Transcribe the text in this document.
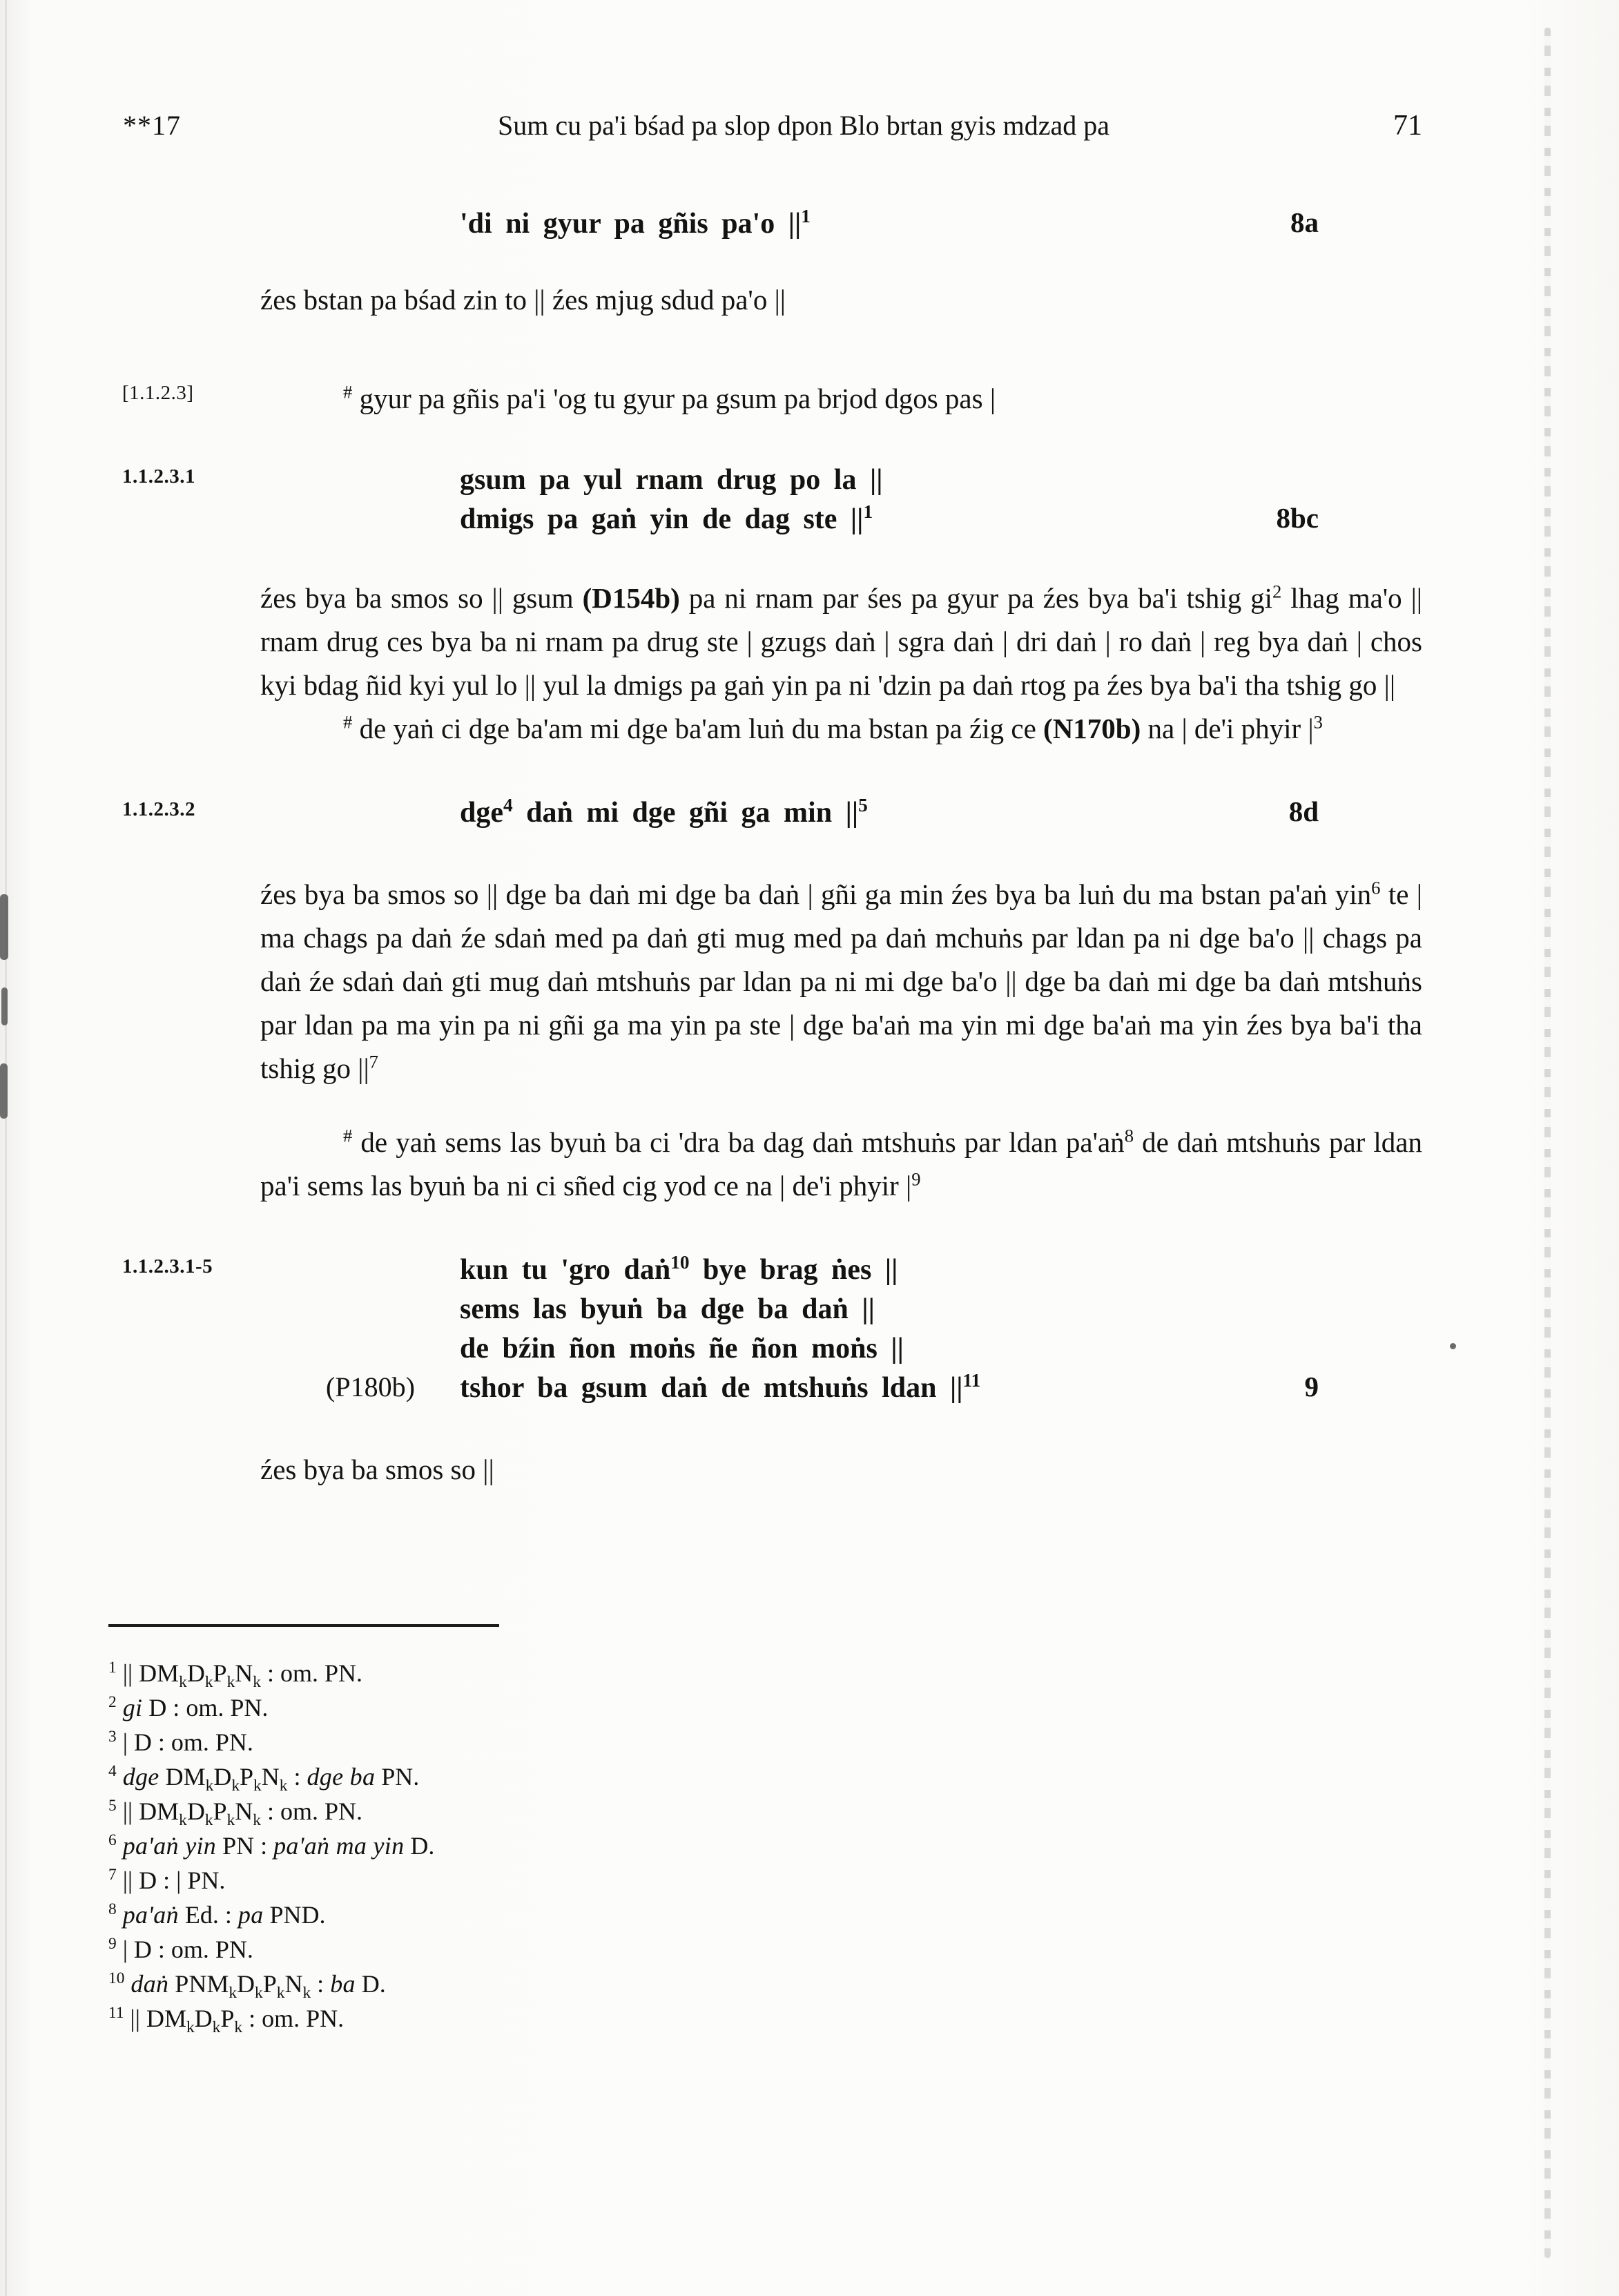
**17	Sum cu pa'i bśad pa slop dpon Blo brtan gyis mdzad pa	71
'di ni gyur pa gñis pa'o $||^1$	8a

źes bstan pa bśad zin to || źes mjug sdud pa'o ||

[1.1.2.3]	# gyur pa gñis pa'i 'og tu gyur pa gsum pa brjod dgos pas |

1.1.2.3.1	gsum pa yul rnam drug po la ||
dmigs pa gaṅ yin de dag ste $||^1$	8bc

źes bya ba smos so || gsum (D154b) pa ni rnam par śes pa gyur pa źes bya ba'i tshig $gi^2$ lhag ma'o || rnam drug ces bya ba ni rnam pa drug ste | gzugs daṅ | sgra daṅ | dri daṅ | ro daṅ | reg bya daṅ | chos kyi bdag ñid kyi yul lo || yul la dmigs pa gaṅ yin pa ni 'dzin pa daṅ rtog pa źes bya ba'i tha tshig go ||

# de yaṅ ci dge ba'am mi dge ba'am luṅ du ma bstan pa źig ce (N170b) na | de'i phyir $|^3$

1.1.2.3.2	dge$^4$ daṅ mi dge gñi ga $\min ||^5$	8d

źes bya ba smos so || dge ba daṅ mi dge ba daṅ | gñi ga min źes bya ba luṅ du ma bstan pa'aṅ yin$^6$ te | ma chags pa daṅ źe sdaṅ med pa daṅ gti mug med pa daṅ mchuṅs par ldan pa ni dge ba'o || chags pa daṅ źe sdaṅ daṅ gti mug daṅ mtshuṅs par ldan pa ni mi dge ba'o || dge ba daṅ mi dge ba daṅ mtshuṅs par ldan pa ma yin pa ni gñi ga ma yin pa ste | dge ba'aṅ ma yin mi dge ba'aṅ ma yin źes bya ba'i tha tshig go $||^7$

# de yaṅ sems las byuṅ ba ci 'dra ba dag daṅ mtshuṅs par ldan pa'aṅ$^8$ de daṅ mtshuṅs par ldan pa'i sems las byuṅ ba ni ci sñed cig yod ce na | de'i phyir $|^9$

1.1.2.3.1-5
(P180b)
kun tu 'gro daṅ$^{10}$ bye brag ṅes ||
sems las byuṅ ba dge ba daṅ ||
de bźin ñon moṅs ñe ñon moṅs ||
tshor ba gsum daṅ de mtshuṅs ldan $||^{11}$	9

źes bya ba smos so ||

$^1$ || $DM_kD_kP_kN_k$ : om. PN.

$^2$ gi D : om. PN.

$^3$ | D : om. PN.

$^4$ dge $DM_kD_kP_kN_k$ : dge ba PN.

$^5$ || $DM_kD_kP_kN_k$ : om. PN.

$^6$ pa'aṅ yin PN : pa'aṅ ma yin D.

$^7$ || D : | PN.

$^8$ pa'aṅ Ed. : pa PND.

$^9$ | D : om. PN.

$^{10}$ daṅ $PNM_kD_kP_kN_k$ : ba D.

$^{11}$ || $DM_kD_kP_k$ : om. PN.
